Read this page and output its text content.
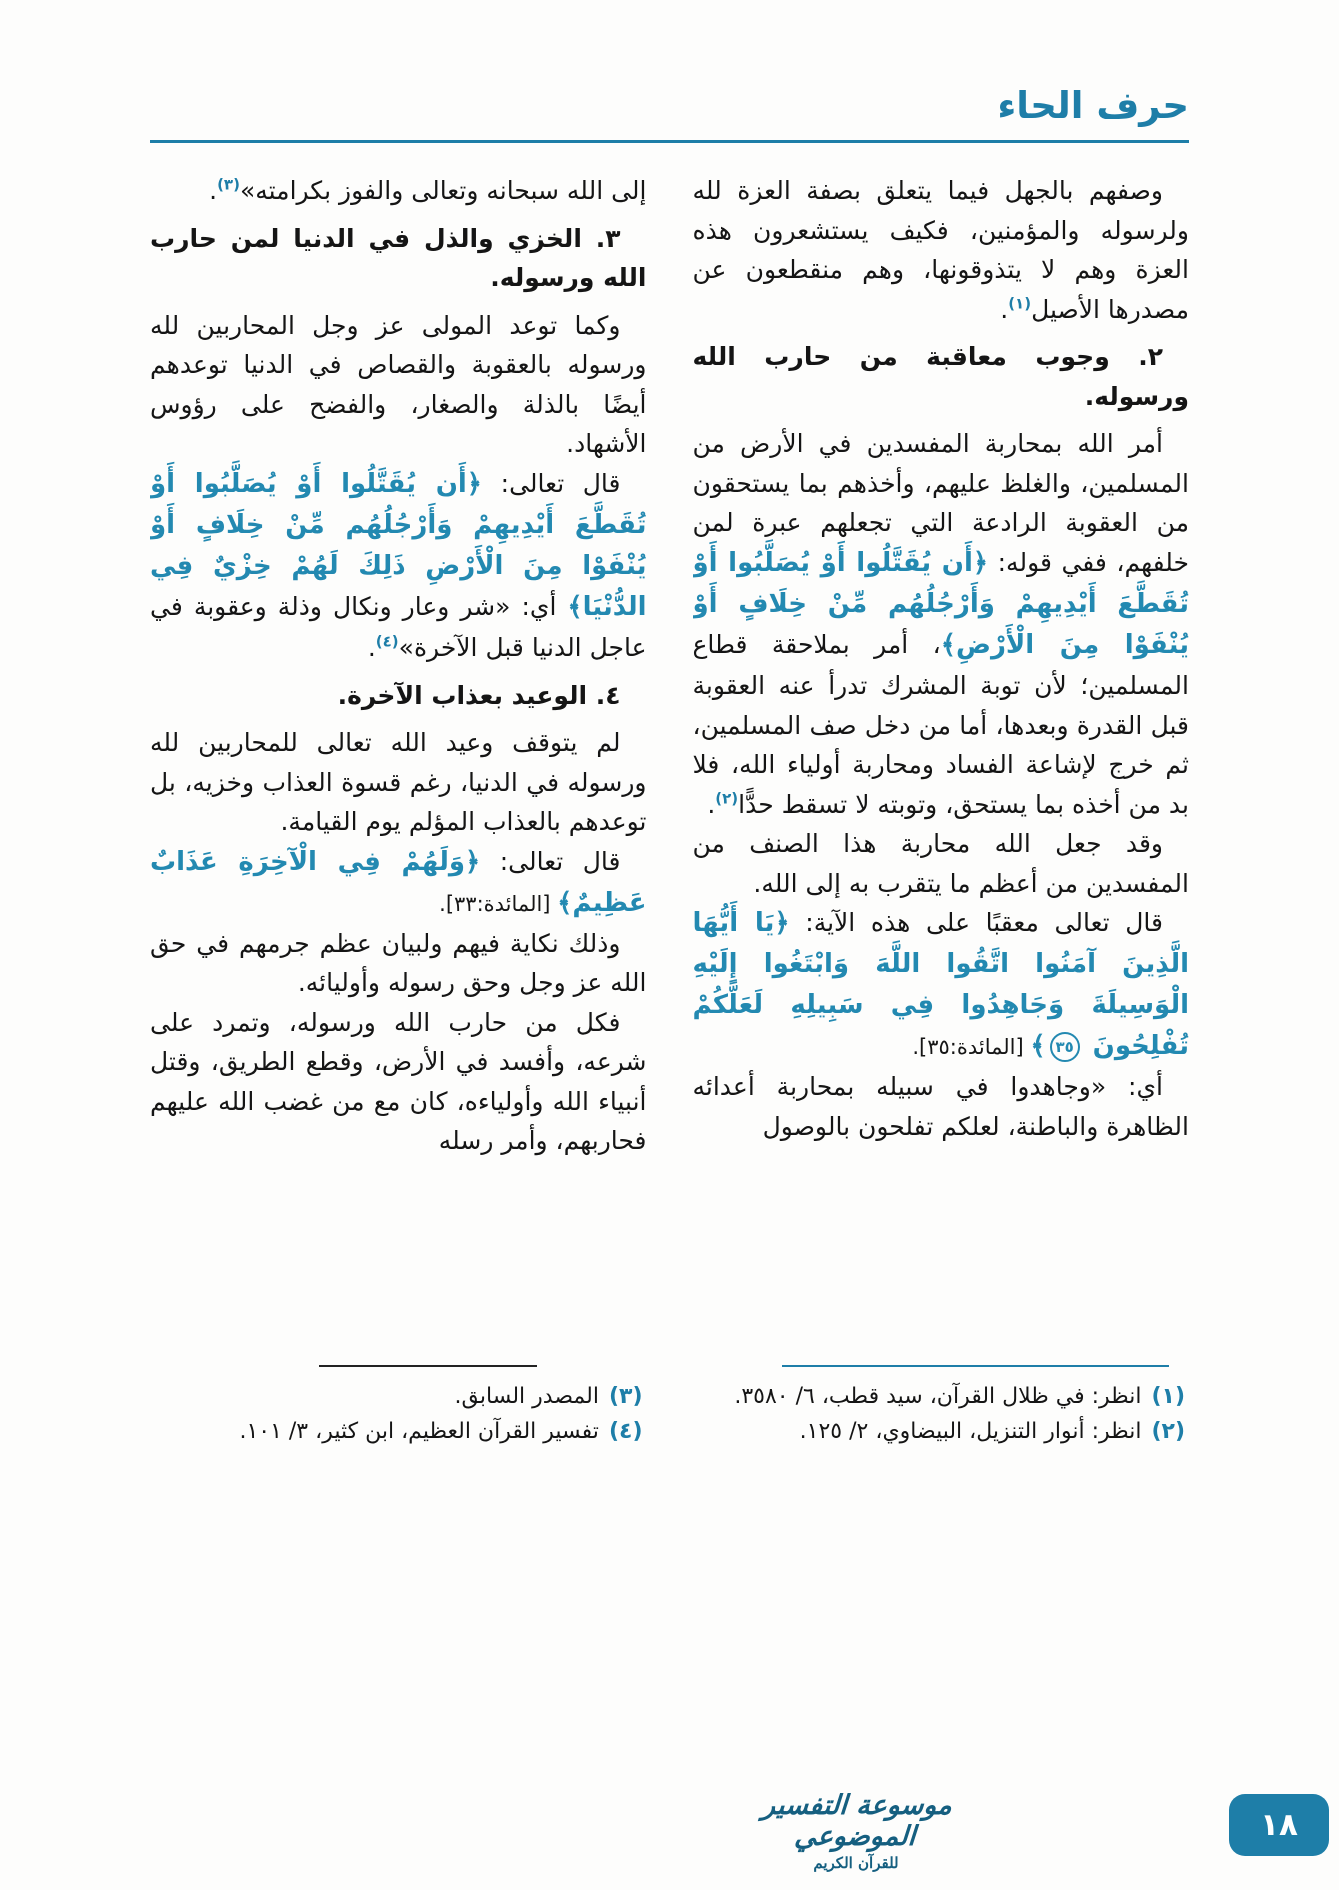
حرف الحاء

وصفهم بالجهل فيما يتعلق بصفة العزة لله ولرسوله والمؤمنين، فكيف يستشعرون هذه العزة وهم لا يتذوقونها، وهم منقطعون عن مصدرها الأصيل$^{(١)}$.

٢. وجوب معاقبة من حارب الله ورسوله.

أمر الله بمحاربة المفسدين في الأرض من المسلمين، والغلظ عليهم، وأخذهم بما يستحقون من العقوبة الرادعة التي تجعلهم عبرة لمن خلفهم، ففي قوله: ﴿أَن يُقَتَّلُوا أَوْ يُصَلَّبُوا أَوْ تُقَطَّعَ أَيْدِيهِمْ وَأَرْجُلُهُم مِّنْ خِلَافٍ أَوْ يُنْفَوْا مِنَ الْأَرْضِ﴾، أمر بملاحقة قطاع المسلمين؛ لأن توبة المشرك تدرأ عنه العقوبة قبل القدرة وبعدها، أما من دخل صف المسلمين، ثم خرج لإشاعة الفساد ومحاربة أولياء الله، فلا بد من أخذه بما يستحق، وتوبته لا تسقط حدًّا$^{(٢)}$.

وقد جعل الله محاربة هذا الصنف من المفسدين من أعظم ما يتقرب به إلى الله.

قال تعالى معقبًا على هذه الآية: ﴿يَا أَيُّهَا الَّذِينَ آمَنُوا اتَّقُوا اللَّهَ وَابْتَغُوا إِلَيْهِ الْوَسِيلَةَ وَجَاهِدُوا فِي سَبِيلِهِ لَعَلَّكُمْ تُفْلِحُونَ ٣٥﴾ [المائدة:٣٥].

أي: «وجاهدوا في سبيله بمحاربة أعدائه الظاهرة والباطنة، لعلكم تفلحون بالوصول

(١)انظر: في ظلال القرآن، سيد قطب، ٦/ ٣٥٨٠.
(٢)انظر: أنوار التنزيل، البيضاوي، ٢/ ١٢٥.

إلى الله سبحانه وتعالى والفوز بكرامته»$^{(٣)}$.

٣. الخزي والذل في الدنيا لمن حارب الله ورسوله.

وكما توعد المولى عز وجل المحاربين لله ورسوله بالعقوبة والقصاص في الدنيا توعدهم أيضًا بالذلة والصغار، والفضح على رؤوس الأشهاد.

قال تعالى: ﴿أَن يُقَتَّلُوا أَوْ يُصَلَّبُوا أَوْ تُقَطَّعَ أَيْدِيهِمْ وَأَرْجُلُهُم مِّنْ خِلَافٍ أَوْ يُنْفَوْا مِنَ الْأَرْضِ ذَلِكَ لَهُمْ خِزْيٌ فِي الدُّنْيَا﴾ أي: «شر وعار ونكال وذلة وعقوبة في عاجل الدنيا قبل الآخرة»$^{(٤)}$.

٤. الوعيد بعذاب الآخرة.

لم يتوقف وعيد الله تعالى للمحاربين لله ورسوله في الدنيا، رغم قسوة العذاب وخزيه، بل توعدهم بالعذاب المؤلم يوم القيامة.

قال تعالى: ﴿وَلَهُمْ فِي الْآخِرَةِ عَذَابٌ عَظِيمٌ﴾ [المائدة:٣٣].

وذلك نكاية فيهم ولبيان عظم جرمهم في حق الله عز وجل وحق رسوله وأوليائه.

فكل من حارب الله ورسوله، وتمرد على شرعه، وأفسد في الأرض، وقطع الطريق، وقتل أنبياء الله وأولياءه، كان مع من غضب الله عليهم فحاربهم، وأمر رسله

(٣)المصدر السابق.
(٤)تفسير القرآن العظيم، ابن كثير، ٣/ ١٠١.
موسوعة التفسير الموضوعي
للقرآن الكريم
١٨
